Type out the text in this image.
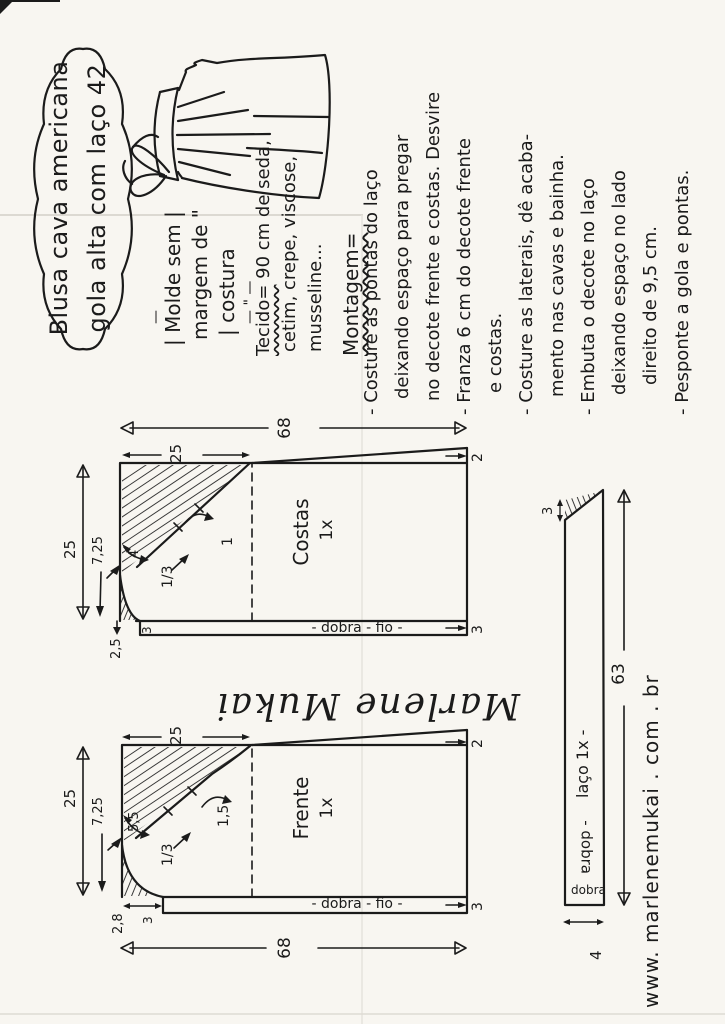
Blusa cava americana gola alta com laço 42	—
| Molde sem | margem de " | costura — " —
Tecido= 90 cm de seda, cetim, crepe, viscose, musseline... Montagem=
- Costure as pontas do laço deixando espaço para pregar no decote frente e costas. Desvire - Franza 6 cm do decote frente e costas. - Costure as laterais, dê acaba- mento nas cavas e bainha. - Embuta o decote no laço deixando espaço no lado direito de 9,5 cm. - Pesponte a gola e pontas.
Costas 1x
68
25
25 7,25 4
1/3
1
2,5
3
2
3
- dobra - fio -
Frente 1x
68
25
25 7,25 5,5
1/3
1,5
2,8 3
2
3
- dobra - fio -
laço 1x -
- dobra
dobra
3
63
4
Marlene Mukai	www. marlenemukai . com . br
